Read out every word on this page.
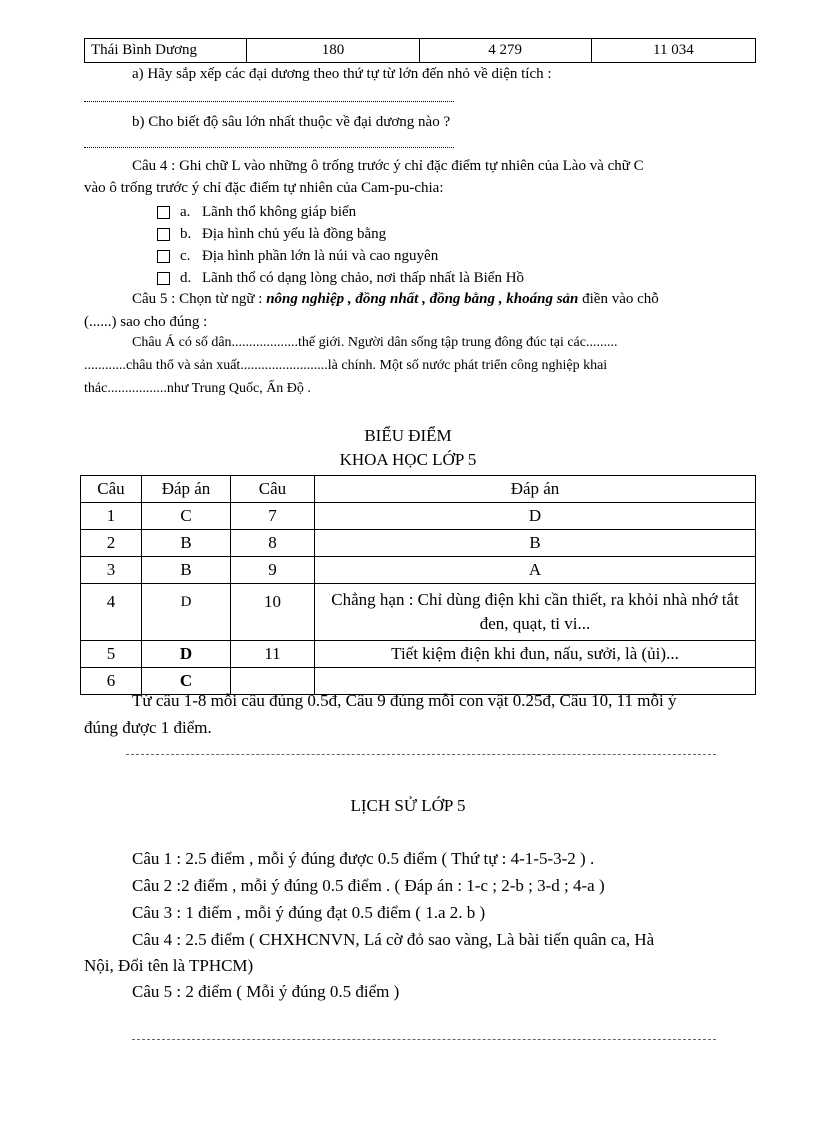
Thái Bình Dương	180	4 279	11 034
a) Hãy sắp xếp các đại dương theo thứ tự từ lớn đến nhỏ về diện tích :
b) Cho biết độ sâu lớn nhất thuộc về đại dương nào ?
Câu 4 : Ghi chữ L vào những ô trống trước ý chỉ đặc điểm tự nhiên của Lào và chữ C
vào ô trống trước ý chỉ đặc điểm tự nhiên của Cam-pu-chia:
a. Lãnh thổ không giáp biển
b. Địa hình chủ yếu là đồng bằng
c. Địa hình phần lớn là núi và cao nguyên
d. Lãnh thổ có dạng lòng chảo, nơi thấp nhất là Biển Hồ
Câu 5 : Chọn từ ngữ : nông nghiệp , đồng nhất , đồng bằng , khoáng sản điền vào chỗ
(......) sao cho đúng :
Châu Á có số dân...................thế giới. Người dân sống tập trung đông đúc tại các.........
............châu thổ và sản xuất.........................là chính. Một số nước phát triển công nghiệp khai
thác.................như Trung Quốc, Ấn Độ .
BIỂU ĐIỂM
KHOA HỌC LỚP 5
Câu	Đáp án	Câu	Đáp án
1	C	7	D
2	B	8	B
3	B	9	A
4	D	10	Chẳng hạn : Chỉ dùng điện khi cần thiết, ra khỏi nhà nhớ tắt đen, quạt, ti vi...
5	D	11	Tiết kiệm điện khi đun, nấu, sưởi, là (ủi)...
6	C		
Từ câu 1-8 mỗi câu đúng 0.5đ, Câu 9 đúng mỗi con vật 0.25đ, Câu 10, 11 mỗi ý
đúng được 1 điểm.
LỊCH SỬ LỚP 5
Câu 1 : 2.5 điểm , mỗi ý đúng được 0.5 điểm ( Thứ tự : 4-1-5-3-2 ) .
Câu 2 :2 điểm , mỗi ý đúng 0.5 điểm . ( Đáp án : 1-c ; 2-b ; 3-d ; 4-a )
Câu 3 : 1 điểm , mỗi ý đúng đạt 0.5 điểm ( 1.a 2. b )
Câu 4 : 2.5 điểm ( CHXHCNVN, Lá cờ đỏ sao vàng, Là bài tiến quân ca, Hà
Nội, Đổi tên là TPHCM)
Câu 5 : 2 điểm ( Mỗi ý đúng 0.5 điểm )
